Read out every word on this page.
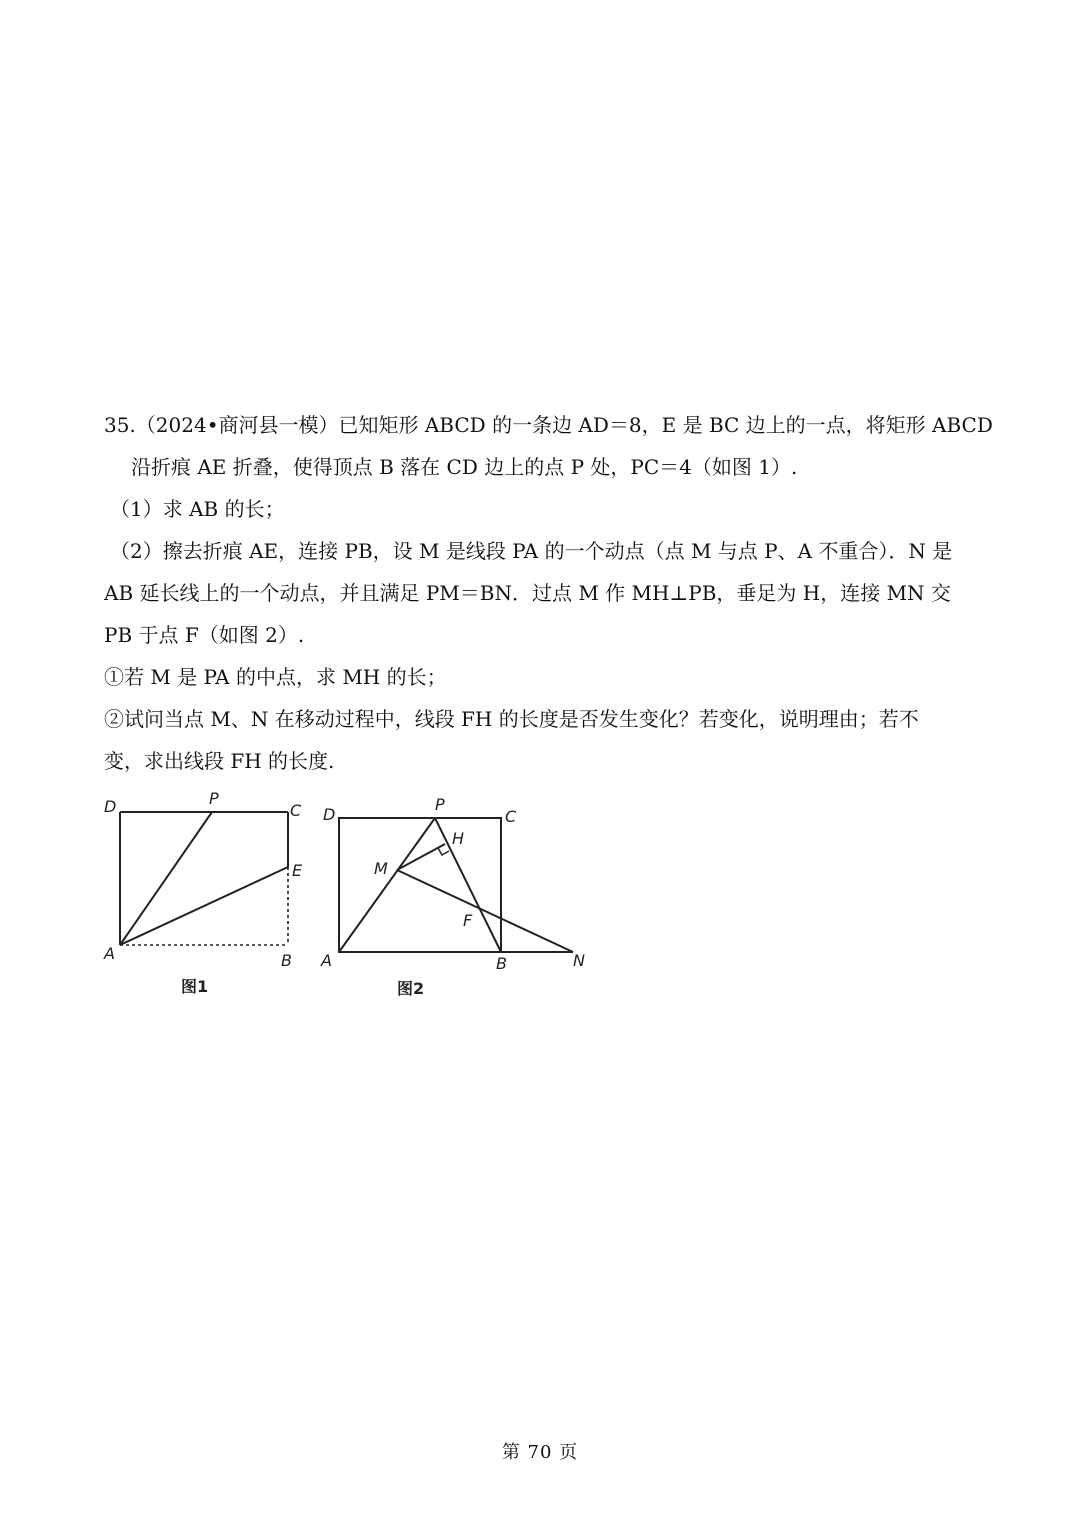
35.（2024•商河县一模）已知矩形 ABCD 的一条边 AD＝8，E 是 BC 边上的一点，将矩形 ABCD
沿折痕 AE 折叠，使得顶点 B 落在 CD 边上的点 P 处，PC＝4（如图 1）.
（1）求 AB 的长；
（2）擦去折痕 AE，连接 PB，设 M 是线段 PA 的一个动点（点 M 与点 P、A 不重合）．N 是
AB 延长线上的一个动点，并且满足 PM＝BN．过点 M 作 MH⊥PB，垂足为 H，连接 MN 交
PB 于点 F（如图 2）.
①若 M 是 PA 的中点，求 MH 的长；
②试问当点 M、N 在移动过程中，线段 FH 的长度是否发生变化？若变化，说明理由；若不
变，求出线段 FH 的长度.
D	P
C
E
A	B
图1
D
P
C
H
M
F
A	B	N
图2
第 70 页
